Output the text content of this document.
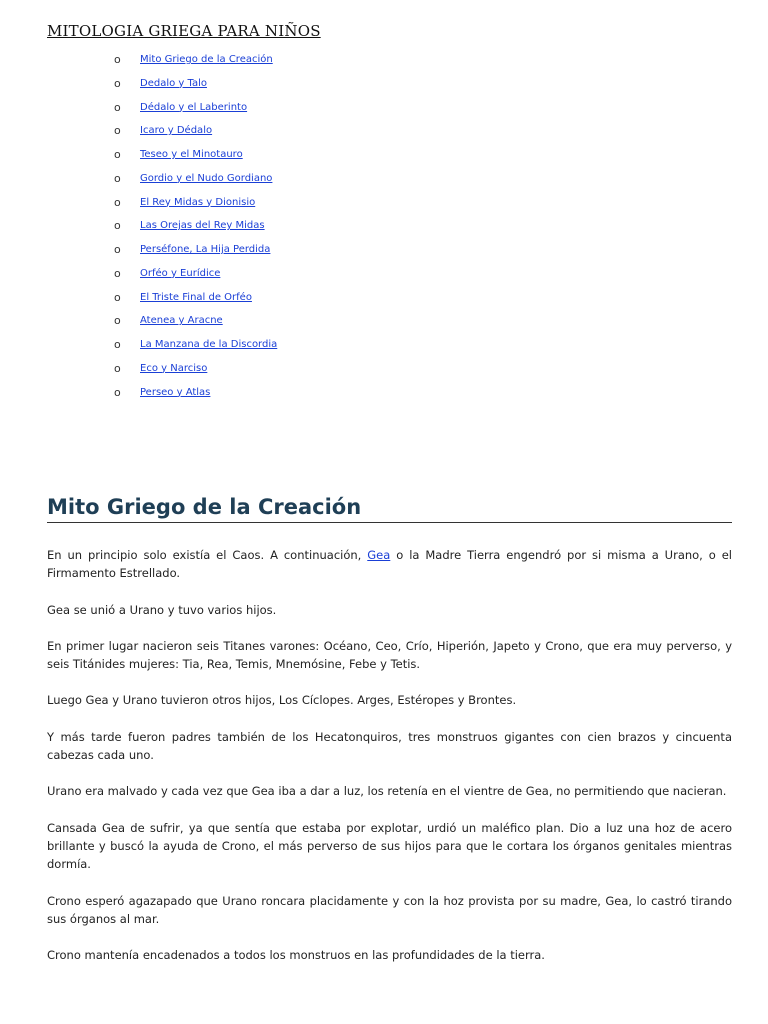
MITOLOGIA GRIEGA PARA NIÑOS
o Mito Griego de la Creación
o Dedalo y Talo
o Dédalo y el Laberinto
o Icaro y Dédalo
o Teseo y el Minotauro
o Gordio y el Nudo Gordiano
o El Rey Midas y Dionisio
o Las Orejas del Rey Midas
o Perséfone, La Hija Perdida
o Orféo y Eurídice
o El Triste Final de Orféo
o Atenea y Aracne
o La Manzana de la Discordia
o Eco y Narciso
o Perseo y Atlas
Mito Griego de la Creación

En un principio solo existía el Caos. A continuación, Gea o la Madre Tierra engendró por si misma a Urano, o el Firmamento Estrellado.

Gea se unió a Urano y tuvo varios hijos.

En primer lugar nacieron seis Titanes varones: Océano, Ceo, Crío, Hiperión, Japeto y Crono, que era muy perverso, y seis Titánides mujeres: Tia, Rea, Temis, Mnemósine, Febe y Tetis.

Luego Gea y Urano tuvieron otros hijos, Los Cíclopes. Arges, Estéropes y Brontes.

Y más tarde fueron padres también de los Hecatonquiros, tres monstruos gigantes con cien brazos y cincuenta cabezas cada uno.

Urano era malvado y cada vez que Gea iba a dar a luz, los retenía en el vientre de Gea, no permitiendo que nacieran.

Cansada Gea de sufrir, ya que sentía que estaba por explotar, urdió un maléfico plan. Dio a luz una hoz de acero brillante y buscó la ayuda de Crono, el más perverso de sus hijos para que le cortara los órganos genitales mientras dormía.

Crono esperó agazapado que Urano roncara placidamente y con la hoz provista por su madre, Gea, lo castró tirando sus órganos al mar.

Crono mantenía encadenados a todos los monstruos en las profundidades de la tierra.
